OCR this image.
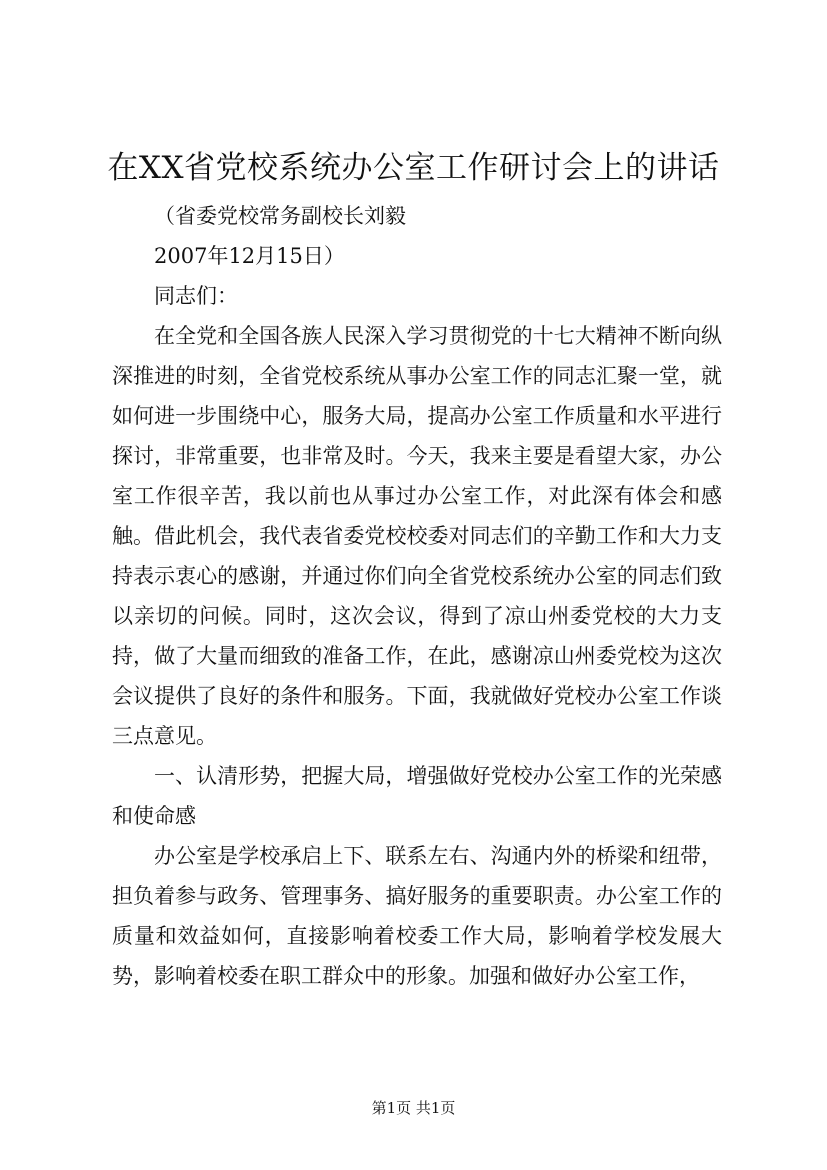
在XX省党校系统办公室工作研讨会上的讲话

（省委党校常务副校长刘毅

2007年12月15日）

同志们：

在全党和全国各族人民深入学习贯彻党的十七大精神不断向纵深推进的时刻，全省党校系统从事办公室工作的同志汇聚一堂，就如何进一步围绕中心，服务大局，提高办公室工作质量和水平进行探讨，非常重要，也非常及时。今天，我来主要是看望大家，办公室工作很辛苦，我以前也从事过办公室工作，对此深有体会和感触。借此机会，我代表省委党校校委对同志们的辛勤工作和大力支持表示衷心的感谢，并通过你们向全省党校系统办公室的同志们致以亲切的问候。同时，这次会议，得到了凉山州委党校的大力支持，做了大量而细致的准备工作，在此，感谢凉山州委党校为这次会议提供了良好的条件和服务。下面，我就做好党校办公室工作谈三点意见。

一、认清形势，把握大局，增强做好党校办公室工作的光荣感和使命感

办公室是学校承启上下、联系左右、沟通内外的桥梁和纽带，担负着参与政务、管理事务、搞好服务的重要职责。办公室工作的质量和效益如何，直接影响着校委工作大局，影响着学校发展大势，影响着校委在职工群众中的形象。加强和做好办公室工作，

第1页 共1页
